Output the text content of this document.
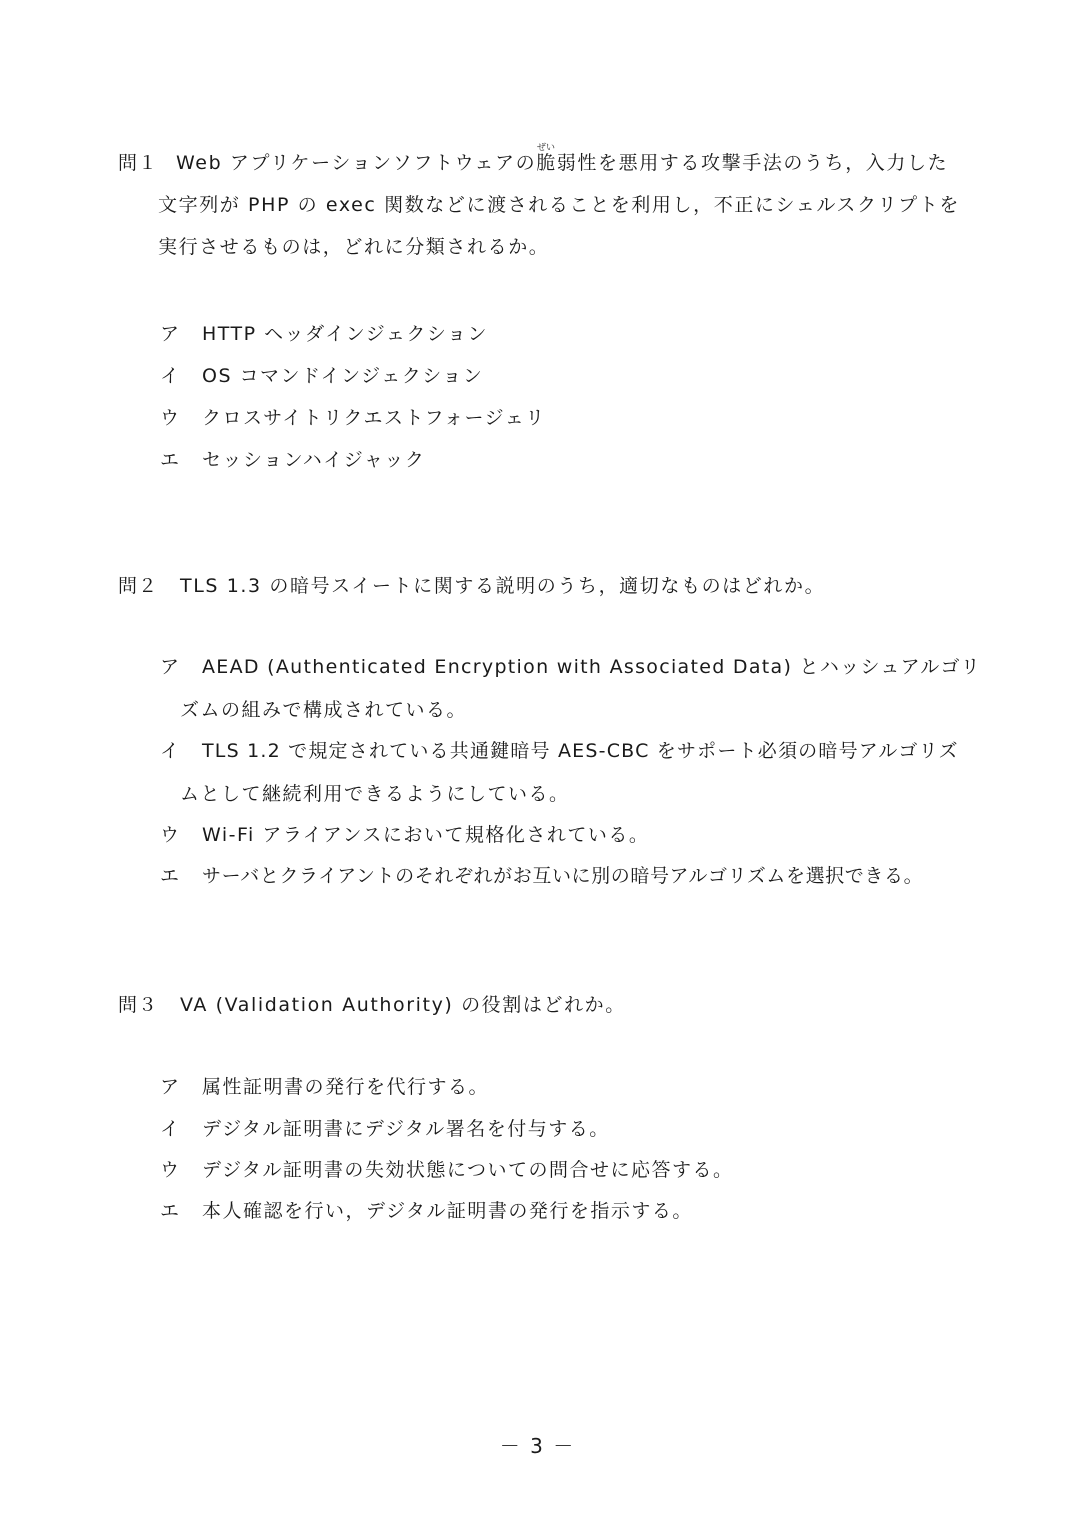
問１
ぜい
Web アプリケーションソフトウェアの脆弱性を悪用する攻撃手法のうち，入力した
文字列が PHP の exec 関数などに渡されることを利用し，不正にシェルスクリプトを
実行させるものは，どれに分類されるか。
ア HTTP ヘッダインジェクション
イ OS コマンドインジェクション
ウ クロスサイトリクエストフォージェリ
エ セッションハイジャック
問２ TLS 1.3 の暗号スイートに関する説明のうち，適切なものはどれか。
ア AEAD (Authenticated Encryption with Associated Data) とハッシュアルゴリ
ズムの組みで構成されている。
イ TLS 1.2 で規定されている共通鍵暗号 AES-CBC をサポート必須の暗号アルゴリズ
ムとして継続利用できるようにしている。
ウ Wi-Fi アライアンスにおいて規格化されている。
エ サーバとクライアントのそれぞれがお互いに別の暗号アルゴリズムを選択できる。
問３ VA (Validation Authority) の役割はどれか。
ア 属性証明書の発行を代行する。
イ デジタル証明書にデジタル署名を付与する。
ウ デジタル証明書の失効状態についての問合せに応答する。
エ 本人確認を行い，デジタル証明書の発行を指示する。
－ 3 －
